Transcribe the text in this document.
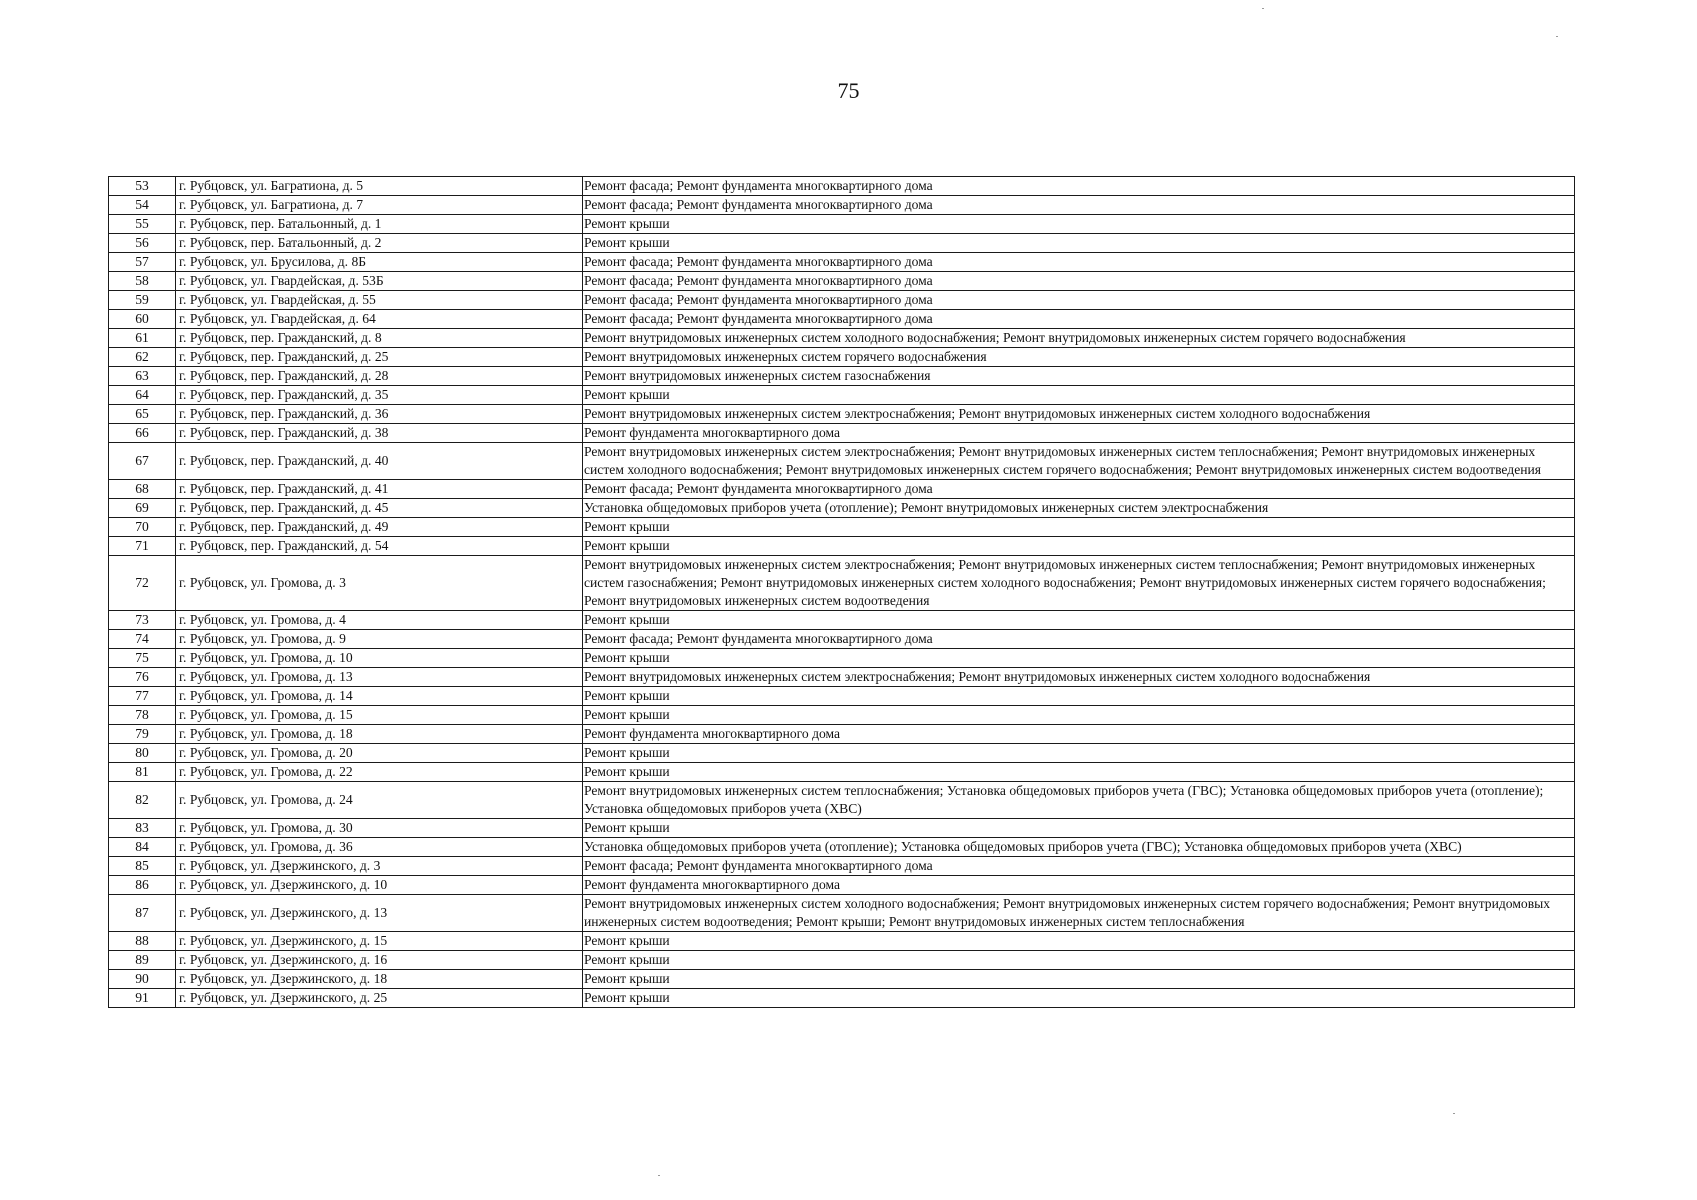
75
53	г. Рубцовск, ул. Багратиона, д. 5	Ремонт фасада; Ремонт фундамента многоквартирного дома
54	г. Рубцовск, ул. Багратиона, д. 7	Ремонт фасада; Ремонт фундамента многоквартирного дома
55	г. Рубцовск, пер. Батальонный, д. 1	Ремонт крыши
56	г. Рубцовск, пер. Батальонный, д. 2	Ремонт крыши
57	г. Рубцовск, ул. Брусилова, д. 8Б	Ремонт фасада; Ремонт фундамента многоквартирного дома
58	г. Рубцовск, ул. Гвардейская, д. 53Б	Ремонт фасада; Ремонт фундамента многоквартирного дома
59	г. Рубцовск, ул. Гвардейская, д. 55	Ремонт фасада; Ремонт фундамента многоквартирного дома
60	г. Рубцовск, ул. Гвардейская, д. 64	Ремонт фасада; Ремонт фундамента многоквартирного дома
61	г. Рубцовск, пер. Гражданский, д. 8	Ремонт внутридомовых инженерных систем холодного водоснабжения; Ремонт внутридомовых инженерных систем горячего водоснабжения
62	г. Рубцовск, пер. Гражданский, д. 25	Ремонт внутридомовых инженерных систем горячего водоснабжения
63	г. Рубцовск, пер. Гражданский, д. 28	Ремонт внутридомовых инженерных систем газоснабжения
64	г. Рубцовск, пер. Гражданский, д. 35	Ремонт крыши
65	г. Рубцовск, пер. Гражданский, д. 36	Ремонт внутридомовых инженерных систем электроснабжения; Ремонт внутридомовых инженерных систем холодного водоснабжения
66	г. Рубцовск, пер. Гражданский, д. 38	Ремонт фундамента многоквартирного дома
67	г. Рубцовск, пер. Гражданский, д. 40	Ремонт внутридомовых инженерных систем электроснабжения; Ремонт внутридомовых инженерных систем теплоснабжения; Ремонт внутридомовых инженерных систем холодного водоснабжения; Ремонт внутридомовых инженерных систем горячего водоснабжения; Ремонт внутридомовых инженерных систем водоотведения
68	г. Рубцовск, пер. Гражданский, д. 41	Ремонт фасада; Ремонт фундамента многоквартирного дома
69	г. Рубцовск, пер. Гражданский, д. 45	Установка общедомовых приборов учета (отопление); Ремонт внутридомовых инженерных систем электроснабжения
70	г. Рубцовск, пер. Гражданский, д. 49	Ремонт крыши
71	г. Рубцовск, пер. Гражданский, д. 54	Ремонт крыши
72	г. Рубцовск, ул. Громова, д. 3	Ремонт внутридомовых инженерных систем электроснабжения; Ремонт внутридомовых инженерных систем теплоснабжения; Ремонт внутридомовых инженерных систем газоснабжения; Ремонт внутридомовых инженерных систем холодного водоснабжения; Ремонт внутридомовых инженерных систем горячего водоснабжения; Ремонт внутридомовых инженерных систем водоотведения
73	г. Рубцовск, ул. Громова, д. 4	Ремонт крыши
74	г. Рубцовск, ул. Громова, д. 9	Ремонт фасада; Ремонт фундамента многоквартирного дома
75	г. Рубцовск, ул. Громова, д. 10	Ремонт крыши
76	г. Рубцовск, ул. Громова, д. 13	Ремонт внутридомовых инженерных систем электроснабжения; Ремонт внутридомовых инженерных систем холодного водоснабжения
77	г. Рубцовск, ул. Громова, д. 14	Ремонт крыши
78	г. Рубцовск, ул. Громова, д. 15	Ремонт крыши
79	г. Рубцовск, ул. Громова, д. 18	Ремонт фундамента многоквартирного дома
80	г. Рубцовск, ул. Громова, д. 20	Ремонт крыши
81	г. Рубцовск, ул. Громова, д. 22	Ремонт крыши
82	г. Рубцовск, ул. Громова, д. 24	Ремонт внутридомовых инженерных систем теплоснабжения; Установка общедомовых приборов учета (ГВС); Установка общедомовых приборов учета (отопление); Установка общедомовых приборов учета (ХВС)
83	г. Рубцовск, ул. Громова, д. 30	Ремонт крыши
84	г. Рубцовск, ул. Громова, д. 36	Установка общедомовых приборов учета (отопление); Установка общедомовых приборов учета (ГВС); Установка общедомовых приборов учета (ХВС)
85	г. Рубцовск, ул. Дзержинского, д. 3	Ремонт фасада; Ремонт фундамента многоквартирного дома
86	г. Рубцовск, ул. Дзержинского, д. 10	Ремонт фундамента многоквартирного дома
87	г. Рубцовск, ул. Дзержинского, д. 13	Ремонт внутридомовых инженерных систем холодного водоснабжения; Ремонт внутридомовых инженерных систем горячего водоснабжения; Ремонт внутридомовых инженерных систем водоотведения; Ремонт крыши; Ремонт внутридомовых инженерных систем теплоснабжения
88	г. Рубцовск, ул. Дзержинского, д. 15	Ремонт крыши
89	г. Рубцовск, ул. Дзержинского, д. 16	Ремонт крыши
90	г. Рубцовск, ул. Дзержинского, д. 18	Ремонт крыши
91	г. Рубцовск, ул. Дзержинского, д. 25	Ремонт крыши
